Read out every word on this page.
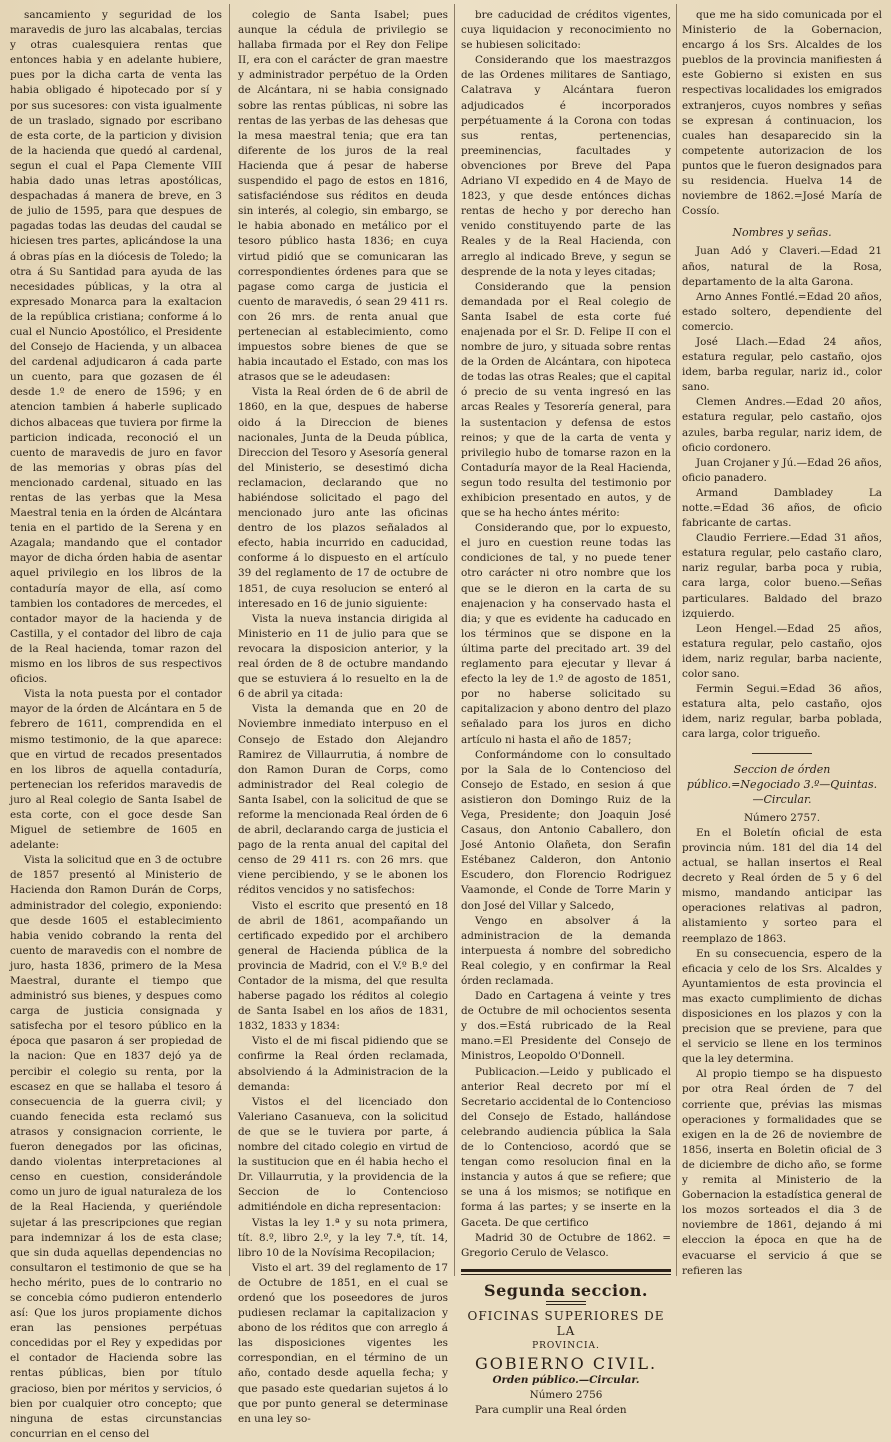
sancamiento y seguridad de los maravedis de juro las alcabalas, tercias y otras cualesquiera rentas que entonces habia y en adelante hubiere, pues por la dicha carta de venta las habia obligado é hipotecado por sí y por sus sucesores: con vista igualmente de un traslado, signado por escribano de esta corte, de la particion y division de la hacienda que quedó al cardenal, segun el cual el Papa Clemente VIII habia dado unas letras apostólicas, despachadas á manera de breve, en 3 de julio de 1595, para que despues de pagadas todas las deudas del caudal se hiciesen tres partes, aplicándose la una á obras pías en la diócesis de Toledo; la otra á Su Santidad para ayuda de las necesidades públicas, y la otra al expresado Monarca para la exaltacion de la república cristiana; conforme á lo cual el Nuncio Apostólico, el Presidente del Consejo de Hacienda, y un albacea del cardenal adjudicaron á cada parte un cuento, para que gozasen de él desde 1.º de enero de 1596; y en atencion tambien á haberle suplicado dichos albaceas que tuviera por firme la particion indicada, reconoció el un cuento de maravedis de juro en favor de las memorias y obras pías del mencionado cardenal, situado en las rentas de las yerbas que la Mesa Maestral tenia en la órden de Alcántara tenia en el partido de la Serena y en Azagala; mandando que el contador mayor de dicha órden habia de asentar aquel privilegio en los libros de la contaduría mayor de ella, así como tambien los contadores de mercedes, el contador mayor de la hacienda y de Castilla, y el contador del libro de caja de la Real hacienda, tomar razon del mismo en los libros de sus respectivos oficios.

Vista la nota puesta por el contador mayor de la órden de Alcántara en 5 de febrero de 1611, comprendida en el mismo testimonio, de la que aparece: que en virtud de recados presentados en los libros de aquella contaduría, pertenecian los referidos maravedis de juro al Real colegio de Santa Isabel de esta corte, con el goce desde San Miguel de setiembre de 1605 en adelante:

Vista la solicitud que en 3 de octubre de 1857 presentó al Ministerio de Hacienda don Ramon Durán de Corps, administrador del colegio, exponiendo: que desde 1605 el establecimiento habia venido cobrando la renta del cuento de maravedis con el nombre de juro, hasta 1836, primero de la Mesa Maestral, durante el tiempo que administró sus bienes, y despues como carga de justicia consignada y satisfecha por el tesoro público en la época que pasaron á ser propiedad de la nacion: Que en 1837 dejó ya de percibir el colegio su renta, por la escasez en que se hallaba el tesoro á consecuencia de la guerra civil; y cuando fenecida esta reclamó sus atrasos y consignacion corriente, le fueron denegados por las oficinas, dando violentas interpretaciones al censo en cuestion, considerándole como un juro de igual naturaleza de los de la Real Hacienda, y queriéndole sujetar á las prescripciones que regian para indemnizar á los de esta clase; que sin duda aquellas dependencias no consultaron el testimonio de que se ha hecho mérito, pues de lo contrario no se concebia cómo pudieron entenderlo así: Que los juros propiamente dichos eran las pensiones perpétuas concedidas por el Rey y expedidas por el contador de Hacienda sobre las rentas públicas, bien por título gracioso, bien por méritos y servicios, ó bien por cualquier otro concepto; que ninguna de estas circunstancias concurrian en el censo del

colegio de Santa Isabel; pues aunque la cédula de privilegio se hallaba firmada por el Rey don Felipe II, era con el carácter de gran maestre y administrador perpétuo de la Orden de Alcántara, ni se habia consignado sobre las rentas públicas, ni sobre las rentas de las yerbas de las dehesas que la mesa maestral tenia; que era tan diferente de los juros de la real Hacienda que á pesar de haberse suspendido el pago de estos en 1816, satisfaciéndose sus réditos en deuda sin interés, al colegio, sin embargo, se le habia abonado en metálico por el tesoro público hasta 1836; en cuya virtud pidió que se comunicaran las correspondientes órdenes para que se pagase como carga de justicia el cuento de maravedis, ó sean 29 411 rs. con 26 mrs. de renta anual que pertenecian al establecimiento, como impuestos sobre bienes de que se habia incautado el Estado, con mas los atrasos que se le adeudasen:

Vista la Real órden de 6 de abril de 1860, en la que, despues de haberse oido á la Direccion de bienes nacionales, Junta de la Deuda pública, Direccion del Tesoro y Asesoría general del Ministerio, se desestimó dicha reclamacion, declarando que no habiéndose solicitado el pago del mencionado juro ante las oficinas dentro de los plazos señalados al efecto, habia incurrido en caducidad, conforme á lo dispuesto en el artículo 39 del reglamento de 17 de octubre de 1851, de cuya resolucion se enteró al interesado en 16 de junio siguiente:

Vista la nueva instancia dirigida al Ministerio en 11 de julio para que se revocara la disposicion anterior, y la real órden de 8 de octubre mandando que se estuviera á lo resuelto en la de 6 de abril ya citada:

Vista la demanda que en 20 de Noviembre inmediato interpuso en el Consejo de Estado don Alejandro Ramirez de Villaurrutia, á nombre de don Ramon Duran de Corps, como administrador del Real colegio de Santa Isabel, con la solicitud de que se reforme la mencionada Real órden de 6 de abril, declarando carga de justicia el pago de la renta anual del capital del censo de 29 411 rs. con 26 mrs. que viene percibiendo, y se le abonen los réditos vencidos y no satisfechos:

Visto el escrito que presentó en 18 de abril de 1861, acompañando un certificado expedido por el archibero general de Hacienda pública de la provincia de Madrid, con el V.º B.º del Contador de la misma, del que resulta haberse pagado los réditos al colegio de Santa Isabel en los años de 1831, 1832, 1833 y 1834:

Visto el de mi fiscal pidiendo que se confirme la Real órden reclamada, absolviendo á la Administracion de la demanda:

Vistos el del licenciado don Valeriano Casanueva, con la solicitud de que se le tuviera por parte, á nombre del citado colegio en virtud de la sustitucion que en él habia hecho el Dr. Villaurrutia, y la providencia de la Seccion de lo Contencioso admitiéndole en dicha representacion:

Vistas la ley 1.ª y su nota primera, tít. 8.º, libro 2.º, y la ley 7.ª, tít. 14, libro 10 de la Novísima Recopilacion;

Visto el art. 39 del reglamento de 17 de Octubre de 1851, en el cual se ordenó que los poseedores de juros pudiesen reclamar la capitalizacion y abono de los réditos que con arreglo á las disposiciones vigentes les correspondian, en el término de un año, contado desde aquella fecha; y que pasado este quedarian sujetos á lo que por punto general se determinase en una ley so-

bre caducidad de créditos vigentes, cuya liquidacion y reconocimiento no se hubiesen solicitado:

Considerando que los maestrazgos de las Ordenes militares de Santiago, Calatrava y Alcántara fueron adjudicados é incorporados perpétuamente á la Corona con todas sus rentas, pertenencias, preeminencias, facultades y obvenciones por Breve del Papa Adriano VI expedido en 4 de Mayo de 1823, y que desde entónces dichas rentas de hecho y por derecho han venido constituyendo parte de las Reales y de la Real Hacienda, con arreglo al indicado Breve, y segun se desprende de la nota y leyes citadas;

Considerando que la pension demandada por el Real colegio de Santa Isabel de esta corte fué enajenada por el Sr. D. Felipe II con el nombre de juro, y situada sobre rentas de la Orden de Alcántara, con hipoteca de todas las otras Reales; que el capital ó precio de su venta ingresó en las arcas Reales y Tesorería general, para la sustentacion y defensa de estos reinos; y que de la carta de venta y privilegio hubo de tomarse razon en la Contaduría mayor de la Real Hacienda, segun todo resulta del testimonio por exhibicion presentado en autos, y de que se ha hecho ántes mérito:

Considerando que, por lo expuesto, el juro en cuestion reune todas las condiciones de tal, y no puede tener otro carácter ni otro nombre que los que se le dieron en la carta de su enajenacion y ha conservado hasta el dia; y que es evidente ha caducado en los términos que se dispone en la última parte del precitado art. 39 del reglamento para ejecutar y llevar á efecto la ley de 1.º de agosto de 1851, por no haberse solicitado su capitalizacion y abono dentro del plazo señalado para los juros en dicho artículo ni hasta el año de 1857;

Conformándome con lo consultado por la Sala de lo Contencioso del Consejo de Estado, en sesion á que asistieron don Domingo Ruiz de la Vega, Presidente; don Joaquin José Casaus, don Antonio Caballero, don José Antonio Olañeta, don Serafin Estébanez Calderon, don Antonio Escudero, don Florencio Rodriguez Vaamonde, el Conde de Torre Marin y don José del Villar y Salcedo,

Vengo en absolver á la administracion de la demanda interpuesta á nombre del sobredicho Real colegio, y en confirmar la Real órden reclamada.

Dado en Cartagena á veinte y tres de Octubre de mil ochocientos sesenta y dos.=Está rubricado de la Real mano.=El Presidente del Consejo de Ministros, Leopoldo O'Donnell.

Publicacion.—Leido y publicado el anterior Real decreto por mí el Secretario accidental de lo Contencioso del Consejo de Estado, hallándose celebrando audiencia pública la Sala de lo Contencioso, acordó que se tengan como resolucion final en la instancia y autos á que se refiere; que se una á los mismos; se notifique en forma á las partes; y se inserte en la Gaceta. De que certifico

Madrid 30 de Octubre de 1862. = Gregorio Cerulo de Velasco.

Segunda seccion.

OFICINAS SUPERIORES DE LA

PROVINCIA.

GOBIERNO CIVIL.

Orden público.—Circular.

Número 2756

Para cumplir una Real órden

que me ha sido comunicada por el Ministerio de la Gobernacion, encargo á los Srs. Alcaldes de los pueblos de la provincia manifiesten á este Gobierno si existen en sus respectivas localidades los emigrados extranjeros, cuyos nombres y señas se expresan á continuacion, los cuales han desaparecido sin la competente autorizacion de los puntos que le fueron designados para su residencia. Huelva 14 de noviembre de 1862.=José María de Cossío.

Nombres y señas.

Juan Adó y Claveri.—Edad 21 años, natural de la Rosa, departamento de la alta Garona.

Arno Annes Fontlé.=Edad 20 años, estado soltero, dependiente del comercio.

José Llach.—Edad 24 años, estatura regular, pelo castaño, ojos idem, barba regular, nariz id., color sano.

Clemen Andres.—Edad 20 años, estatura regular, pelo castaño, ojos azules, barba regular, nariz idem, de oficio cordonero.

Juan Crojaner y Jú.—Edad 26 años, oficio panadero.

Armand Dambladey La notte.=Edad 36 años, de oficio fabricante de cartas.

Claudio Ferriere.—Edad 31 años, estatura regular, pelo castaño claro, nariz regular, barba poca y rubia, cara larga, color bueno.—Señas particulares. Baldado del brazo izquierdo.

Leon Hengel.—Edad 25 años, estatura regular, pelo castaño, ojos idem, nariz regular, barba naciente, color sano.

Fermin Segui.=Edad 36 años, estatura alta, pelo castaño, ojos idem, nariz regular, barba poblada, cara larga, color trigueño.

Seccion de órden público.=Negociado 3.º—Quintas.—Circular.

Número 2757.

En el Boletín oficial de esta provincia núm. 181 del dia 14 del actual, se hallan insertos el Real decreto y Real órden de 5 y 6 del mismo, mandando anticipar las operaciones relativas al padron, alistamiento y sorteo para el reemplazo de 1863.

En su consecuencia, espero de la eficacia y celo de los Srs. Alcaldes y Ayuntamientos de esta provincia el mas exacto cumplimiento de dichas disposiciones en los plazos y con la precision que se previene, para que el servicio se llene en los terminos que la ley determina.

Al propio tiempo se ha dispuesto por otra Real órden de 7 del corriente que, prévias las mismas operaciones y formalidades que se exigen en la de 26 de noviembre de 1856, inserta en Boletin oficial de 3 de diciembre de dicho año, se forme y remita al Ministerio de la Gobernacion la estadística general de los mozos sorteados el dia 3 de noviembre de 1861, dejando á mi eleccion la época en que ha de evacuarse el servicio á que se refieren las
